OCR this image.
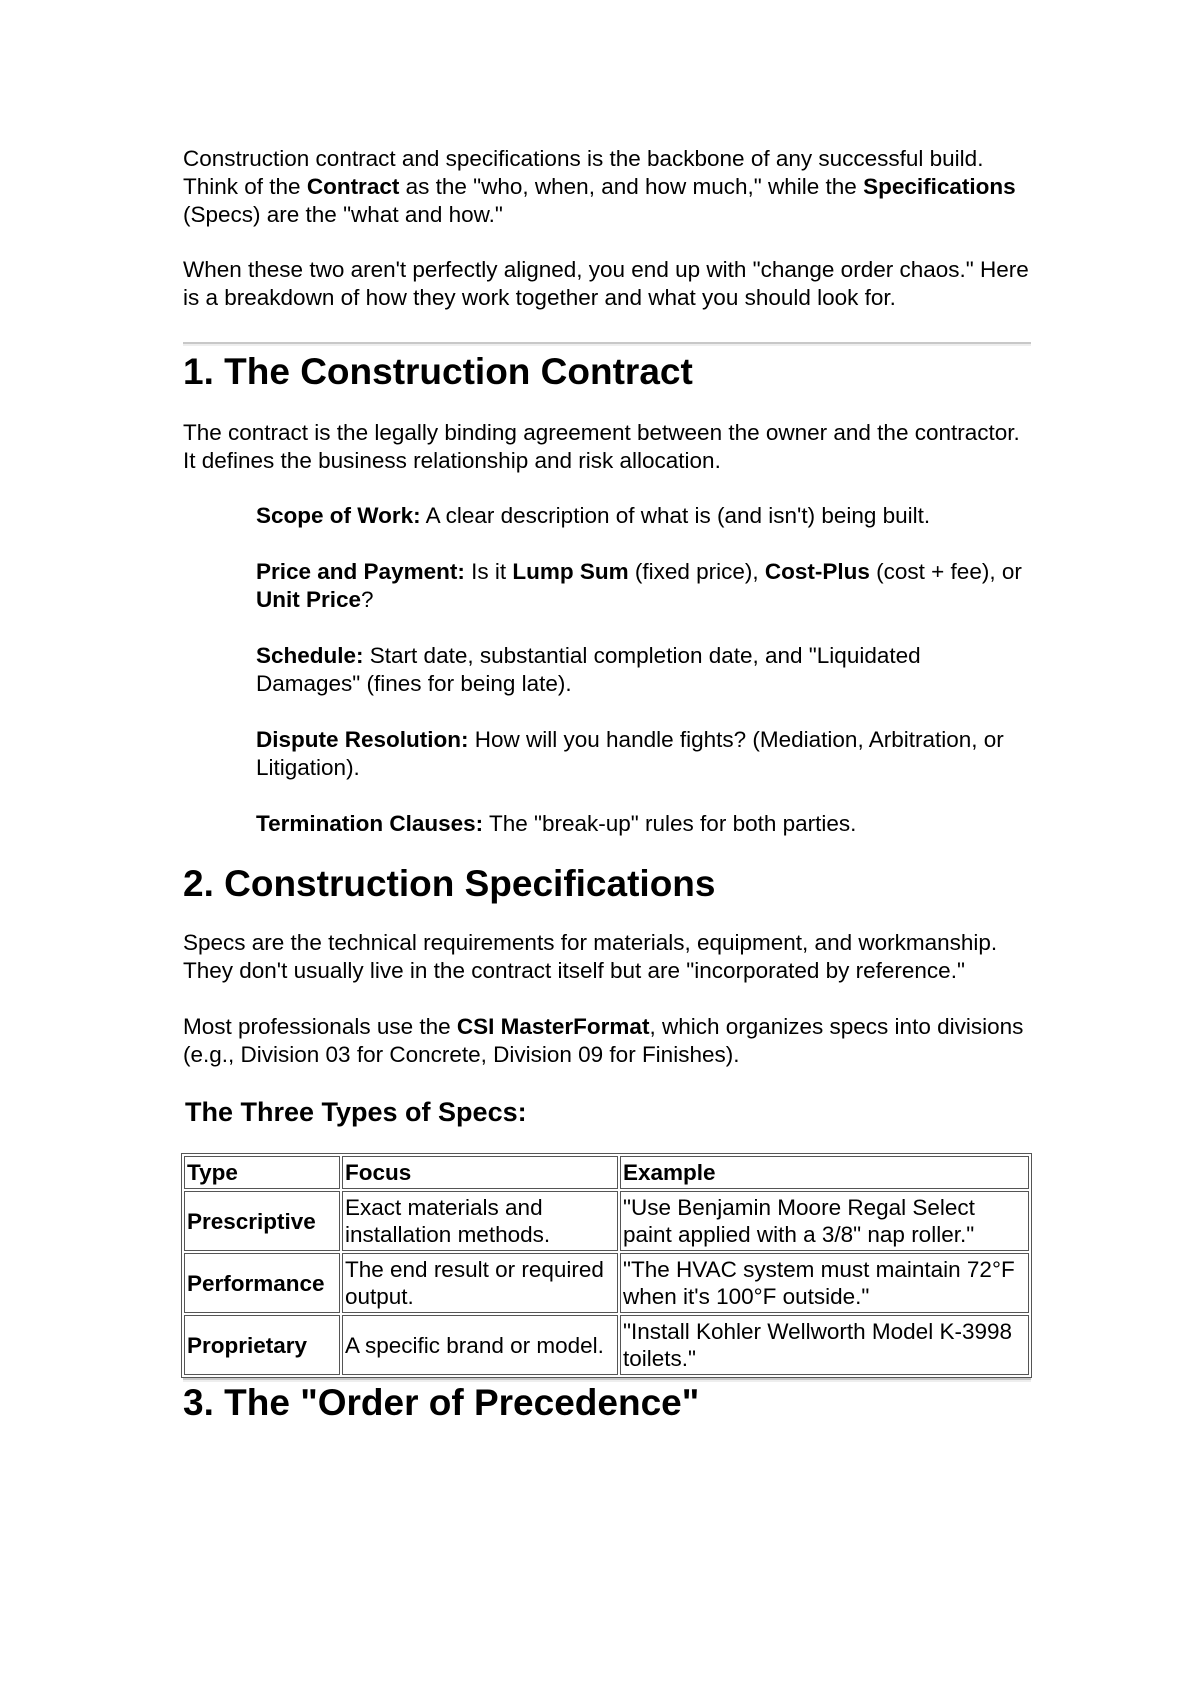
Construction contract and specifications is the backbone of any successful build. Think of the Contract as the "who, when, and how much," while the Specifications (Specs) are the "what and how."

When these two aren't perfectly aligned, you end up with "change order chaos." Here is a breakdown of how they work together and what you should look for.

1. The Construction Contract

The contract is the legally binding agreement between the owner and the contractor. It defines the business relationship and risk allocation.

Scope of Work: A clear description of what is (and isn't) being built.

Price and Payment: Is it Lump Sum (fixed price), Cost-Plus (cost + fee), or Unit Price?

Schedule: Start date, substantial completion date, and "Liquidated Damages" (fines for being late).

Dispute Resolution: How will you handle fights? (Mediation, Arbitration, or Litigation).

Termination Clauses: The "break-up" rules for both parties.

2. Construction Specifications

Specs are the technical requirements for materials, equipment, and workmanship. They don't usually live in the contract itself but are "incorporated by reference."

Most professionals use the CSI MasterFormat, which organizes specs into divisions (e.g., Division 03 for Concrete, Division 09 for Finishes).

The Three Types of Specs:
Type	Focus	Example
Prescriptive	Exact materials and installation methods.	"Use Benjamin Moore Regal Select paint applied with a 3/8" nap roller."
Performance	The end result or required output.	"The HVAC system must maintain 72°F when it's 100°F outside."
Proprietary	A specific brand or model.	"Install Kohler Wellworth Model K-3998 toilets."
3. The "Order of Precedence"
